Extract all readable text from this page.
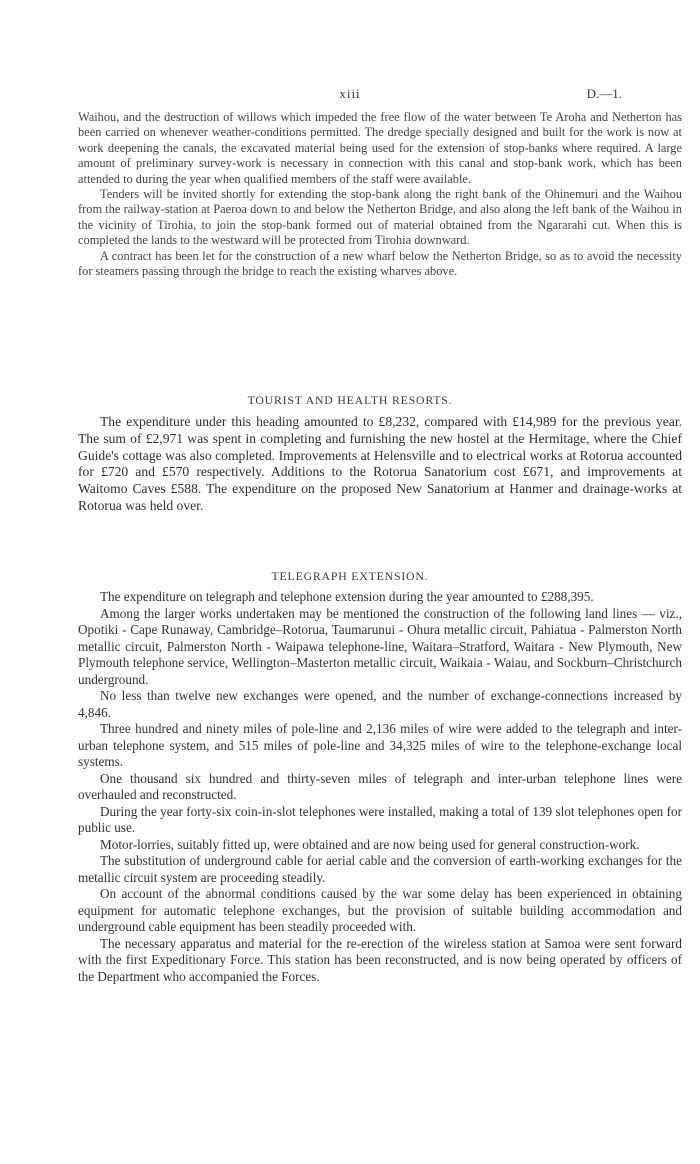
xiii	D.—1.

Waihou, and the destruction of willows which impeded the free flow of the water between Te Aroha and Netherton has been carried on whenever weather-conditions permitted. The dredge specially designed and built for the work is now at work deepening the canals, the excavated material being used for the extension of stop-banks where required. A large amount of preliminary survey-work is necessary in connection with this canal and stop-bank work, which has been attended to during the year when qualified members of the staff were available.

Tenders will be invited shortly for extending the stop-bank along the right bank of the Ohinemuri and the Waihou from the railway-station at Paeroa down to and below the Netherton Bridge, and also along the left bank of the Waihou in the vicinity of Tirohia, to join the stop-bank formed out of material obtained from the Ngararahi cut. When this is completed the lands to the westward will be protected from Tirohia downward.

A contract has been let for the construction of a new wharf below the Netherton Bridge, so as to avoid the necessity for steamers passing through the bridge to reach the existing wharves above.

TOURIST AND HEALTH RESORTS.

The expenditure under this heading amounted to £8,232, compared with £14,989 for the previous year. The sum of £2,971 was spent in completing and furnishing the new hostel at the Hermitage, where the Chief Guide's cottage was also completed. Improvements at Helensville and to electrical works at Rotorua accounted for £720 and £570 respectively. Additions to the Rotorua Sanatorium cost £671, and improvements at Waitomo Caves £588. The expenditure on the proposed New Sanatorium at Hanmer and drainage-works at Rotorua was held over.

TELEGRAPH EXTENSION.

The expenditure on telegraph and telephone extension during the year amounted to £288,395.

Among the larger works undertaken may be mentioned the construction of the following land lines — viz., Opotiki - Cape Runaway, Cambridge–Rotorua, Taumarunui - Ohura metallic circuit, Pahiatua - Palmerston North metallic circuit, Palmerston North - Waipawa telephone-line, Waitara–Stratford, Waitara - New Plymouth, New Plymouth telephone service, Wellington–Masterton metallic circuit, Waikaia - Waiau, and Sockburn–Christchurch underground.

No less than twelve new exchanges were opened, and the number of exchange-connections increased by 4,846.

Three hundred and ninety miles of pole-line and 2,136 miles of wire were added to the telegraph and inter-urban telephone system, and 515 miles of pole-line and 34,325 miles of wire to the telephone-exchange local systems.

One thousand six hundred and thirty-seven miles of telegraph and inter-urban telephone lines were overhauled and reconstructed.

During the year forty-six coin-in-slot telephones were installed, making a total of 139 slot telephones open for public use.

Motor-lorries, suitably fitted up, were obtained and are now being used for general construction-work.

The substitution of underground cable for aerial cable and the conversion of earth-working exchanges for the metallic circuit system are proceeding steadily.

On account of the abnormal conditions caused by the war some delay has been experienced in obtaining equipment for automatic telephone exchanges, but the provision of suitable building accommodation and underground cable equipment has been steadily proceeded with.

The necessary apparatus and material for the re-erection of the wireless station at Samoa were sent forward with the first Expeditionary Force. This station has been reconstructed, and is now being operated by officers of the Department who accompanied the Forces.
